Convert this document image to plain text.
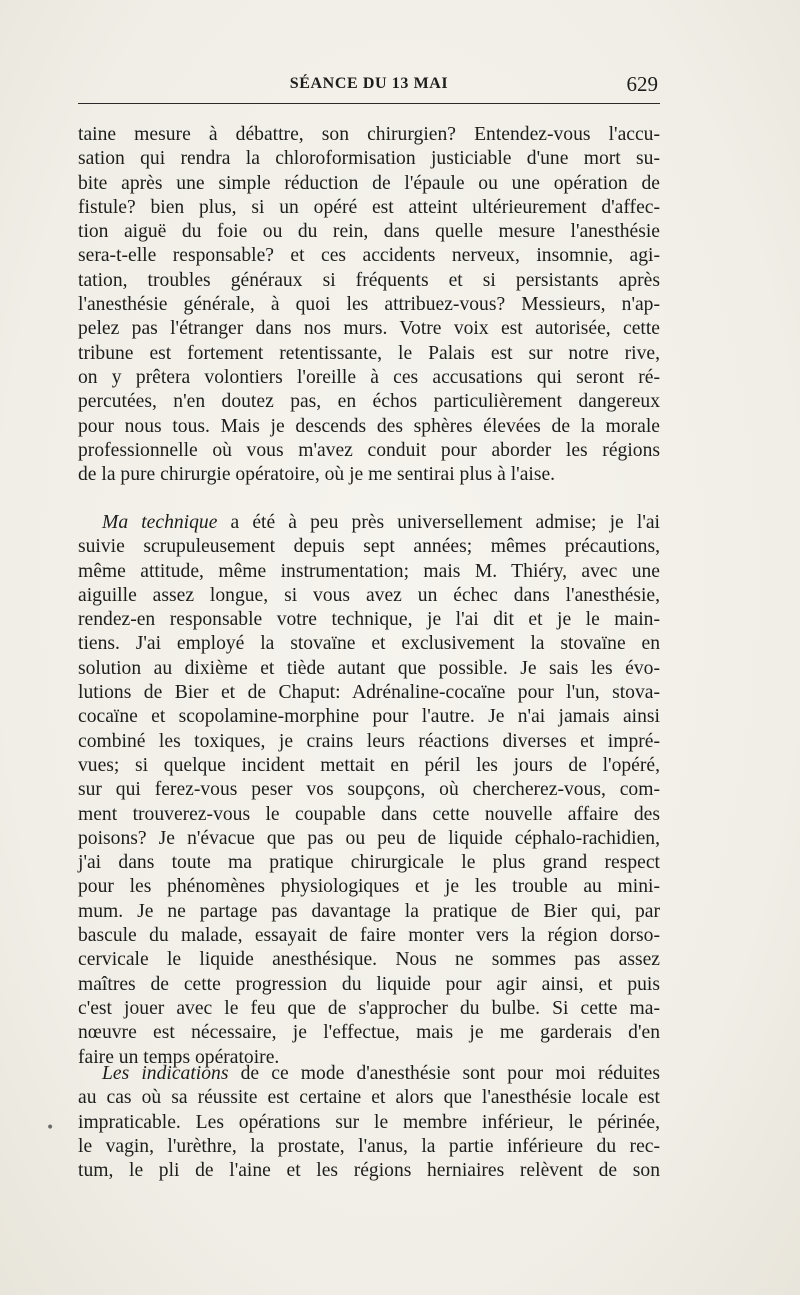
SÉANCE DU 13 MAI	629
taine mesure à débattre, son chirurgien? Entendez-vous l'accu-
sation qui rendra la chloroformisation justiciable d'une mort su-
bite après une simple réduction de l'épaule ou une opération de
fistule? bien plus, si un opéré est atteint ultérieurement d'affec-
tion aiguë du foie ou du rein, dans quelle mesure l'anesthésie
sera-t-elle responsable? et ces accidents nerveux, insomnie, agi-
tation, troubles généraux si fréquents et si persistants après
l'anesthésie générale, à quoi les attribuez-vous? Messieurs, n'ap-
pelez pas l'étranger dans nos murs. Votre voix est autorisée, cette
tribune est fortement retentissante, le Palais est sur notre rive,
on y prêtera volontiers l'oreille à ces accusations qui seront ré-
percutées, n'en doutez pas, en échos particulièrement dangereux
pour nous tous. Mais je descends des sphères élevées de la morale
professionnelle où vous m'avez conduit pour aborder les régions
de la pure chirurgie opératoire, où je me sentirai plus à l'aise.
Ma technique a été à peu près universellement admise; je l'ai
suivie scrupuleusement depuis sept années; mêmes précautions,
même attitude, même instrumentation; mais M. Thiéry, avec une
aiguille assez longue, si vous avez un échec dans l'anesthésie,
rendez-en responsable votre technique, je l'ai dit et je le main-
tiens. J'ai employé la stovaïne et exclusivement la stovaïne en
solution au dixième et tiède autant que possible. Je sais les évo-
lutions de Bier et de Chaput: Adrénaline-cocaïne pour l'un, stova-
cocaïne et scopolamine-morphine pour l'autre. Je n'ai jamais ainsi
combiné les toxiques, je crains leurs réactions diverses et impré-
vues; si quelque incident mettait en péril les jours de l'opéré,
sur qui ferez-vous peser vos soupçons, où chercherez-vous, com-
ment trouverez-vous le coupable dans cette nouvelle affaire des
poisons? Je n'évacue que pas ou peu de liquide céphalo-rachidien,
j'ai dans toute ma pratique chirurgicale le plus grand respect
pour les phénomènes physiologiques et je les trouble au mini-
mum. Je ne partage pas davantage la pratique de Bier qui, par
bascule du malade, essayait de faire monter vers la région dorso-
cervicale le liquide anesthésique. Nous ne sommes pas assez
maîtres de cette progression du liquide pour agir ainsi, et puis
c'est jouer avec le feu que de s'approcher du bulbe. Si cette ma-
nœuvre est nécessaire, je l'effectue, mais je me garderais d'en
faire un temps opératoire.
Les indications de ce mode d'anesthésie sont pour moi réduites
au cas où sa réussite est certaine et alors que l'anesthésie locale est
impraticable. Les opérations sur le membre inférieur, le périnée,
le vagin, l'urèthre, la prostate, l'anus, la partie inférieure du rec-
tum, le pli de l'aine et les régions herniaires relèvent de son
•
